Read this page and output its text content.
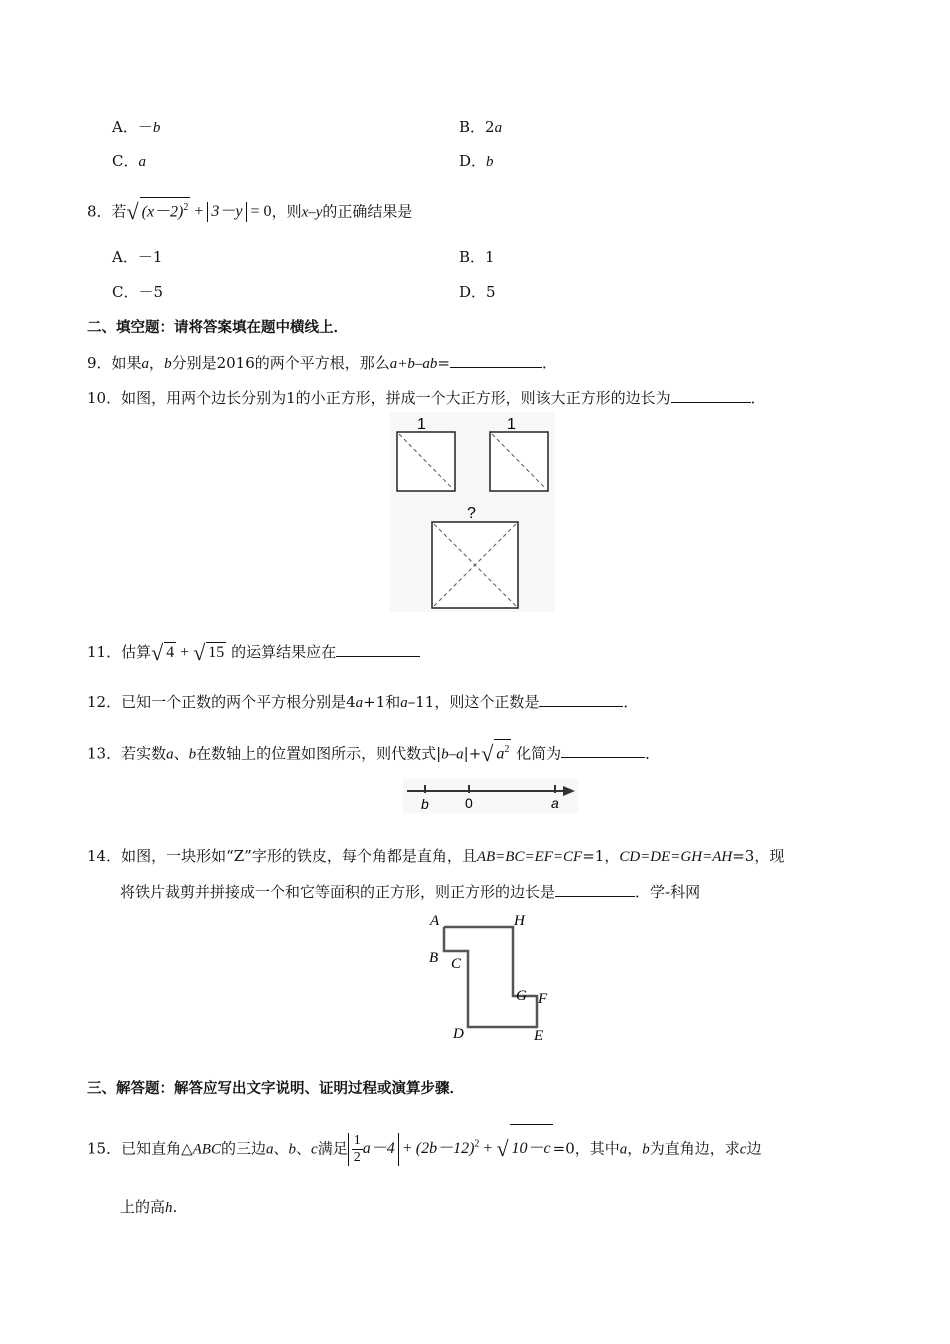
A．－b	B．2a
C．a	D．b
8．若√ $(x-2)^2 + 3-y = 0$，则x–y的正确结果是
A．－1	B．1
C．－5	D．5
二、填空题：请将答案填在题中横线上．
9．如果a，b分别是2016的两个平方根，那么a+b–ab=	．
10．如图，用两个边长分别为1的小正方形，拼成一个大正方形，则该大正方形的边长为	．
1	1
?
11．估算√ 4 + √ 15 的运算结果应在
12．已知一个正数的两个平方根分别是4a+1和a–11，则这个正数是	．
13．若实数a、b在数轴上的位置如图所示，则代数式|b–a|+√ $a^2$ 化简为	．
b	0	a
14．如图，一块形如“Z”字形的铁皮，每个角都是直角，且AB=BC=EF=CF=1，CD=DE=GH=AH=3，现
将铁片裁剪并拼接成一个和它等面积的正方形，则正方形的边长是	．学-科网
A	H
B C
G F
D	E
三、解答题：解答应写出文字说明、证明过程或演算步骤．
15．已知直角△ABC的三边a、b、c满足 $\frac{1}{2} a-4 + (2b-12)^2$ + √ 10－c =0，其中a，b为直角边，求c边
上的高h.
